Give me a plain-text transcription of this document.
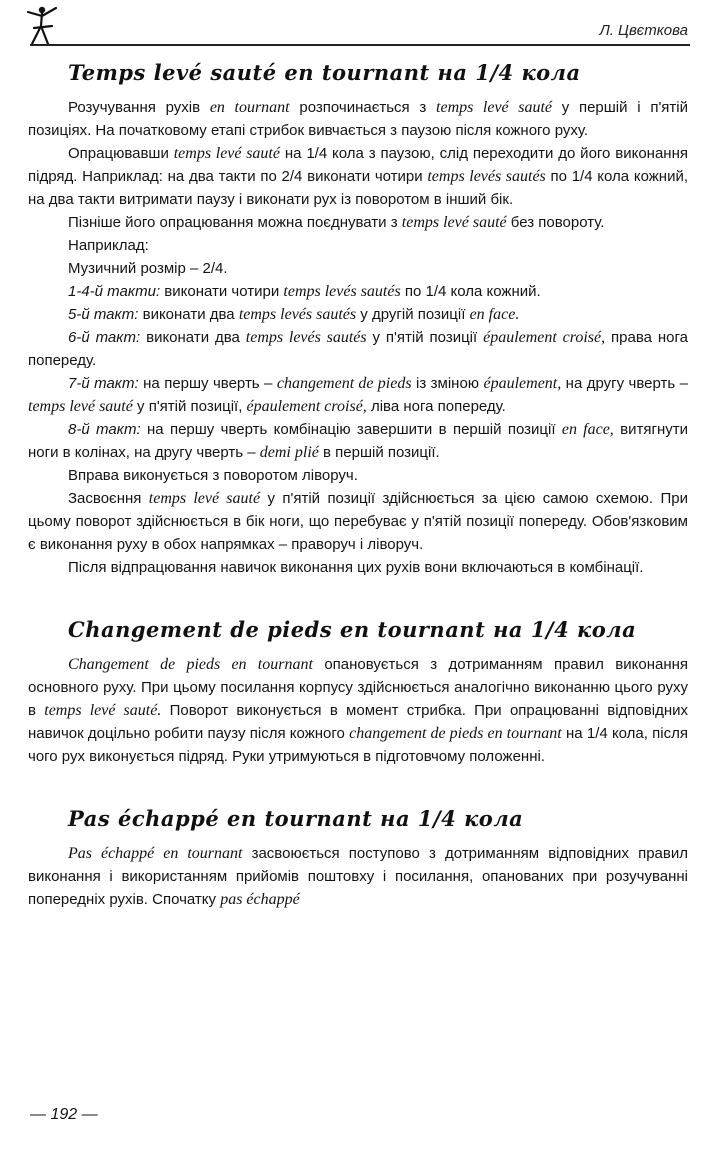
Л. Цвєткова
Temps levé sauté en tournant на 1/4 кола

Розучування рухів en tournant розпочинається з temps levé sauté у першій і п'ятій позиціях. На початковому етапі стрибок вивчається з паузою після кожного руху.

Опрацювавши temps levé sauté на 1/4 кола з паузою, слід переходити до його виконання підряд. Наприклад: на два такти по 2/4 виконати чотири temps levés sautés по 1/4 кола кожний, на два такти витримати паузу і виконати рух із поворотом в інший бік.

Пізніше його опрацювання можна поєднувати з temps levé sauté без повороту.

Наприклад:

Музичний розмір – 2/4.

1-4-й такти: виконати чотири temps levés sautés по 1/4 кола кожний.

5-й такт: виконати два temps levés sautés у другій позиції en face.

6-й такт: виконати два temps levés sautés у п'ятій позиції épaulement croisé, права нога попереду.

7-й такт: на першу чверть – changement de pieds із зміною épaulement, на другу чверть – temps levé sauté у п'ятій позиції, épaulement croisé, ліва нога попереду.

8-й такт: на першу чверть комбінацію завершити в першій позиції en face, витягнути ноги в колінах, на другу чверть – demi plié в першій позиції.

Вправа виконується з поворотом ліворуч.

Засвоєння temps levé sauté у п'ятій позиції здійснюється за цією самою схемою. При цьому поворот здійснюється в бік ноги, що перебуває у п'ятій позиції попереду. Обов'язковим є виконання руху в обох напрямках – праворуч і ліворуч.

Після відпрацювання навичок виконання цих рухів вони включаються в комбінації.

Changement de pieds en tournant на 1/4 кола

Changement de pieds en tournant опановується з дотриманням правил виконання основного руху. При цьому посилання корпусу здійснюється аналогічно виконанню цього руху в temps levé sauté. Поворот виконується в момент стрибка. При опрацюванні відповідних навичок доцільно робити паузу після кожного changement de pieds en tournant на 1/4 кола, після чого рух виконується підряд. Руки утримуються в підготовчому положенні.

Pas échappé en tournant на 1/4 кола

Pas échappé en tournant засвоюється поступово з дотриманням відповідних правил виконання і використанням прийомів поштовху і посилання, опанованих при розучуванні попередніх рухів. Спочатку pas échappé

— 192 —
